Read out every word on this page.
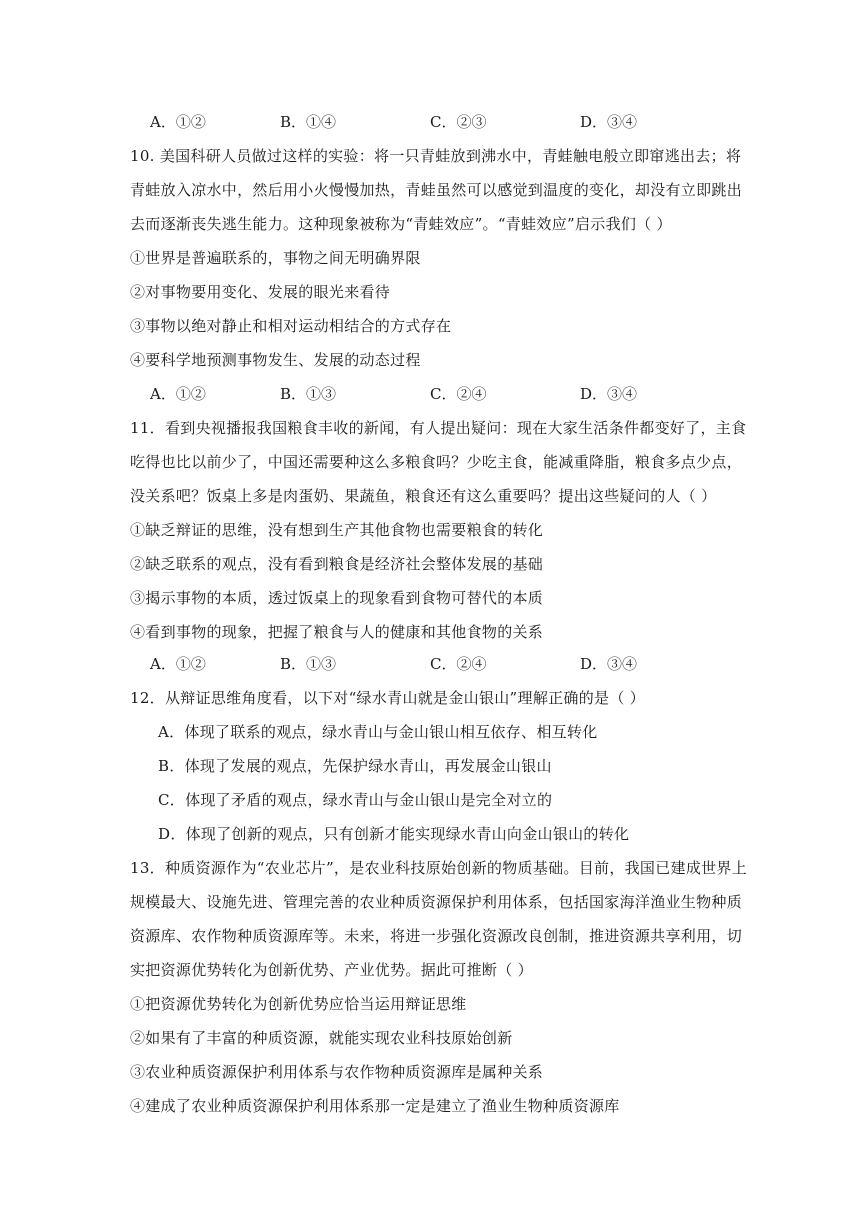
A．①②	B．①④	C．②③	D．③④
10. 美国科研人员做过这样的实验：将一只青蛙放到沸水中，青蛙触电般立即窜逃出去；将
青蛙放入凉水中，然后用小火慢慢加热，青蛙虽然可以感觉到温度的变化，却没有立即跳出
去而逐渐丧失逃生能力。这种现象被称为“青蛙效应”。“青蛙效应”启示我们（ ）
①世界是普遍联系的，事物之间无明确界限
②对事物要用变化、发展的眼光来看待
③事物以绝对静止和相对运动相结合的方式存在
④要科学地预测事物发生、发展的动态过程
A．①②	B．①③	C．②④	D．③④
11．看到央视播报我国粮食丰收的新闻，有人提出疑问：现在大家生活条件都变好了，主食
吃得也比以前少了，中国还需要种这么多粮食吗？少吃主食，能减重降脂，粮食多点少点，
没关系吧？饭桌上多是肉蛋奶、果蔬鱼，粮食还有这么重要吗？提出这些疑问的人（ ）
①缺乏辩证的思维，没有想到生产其他食物也需要粮食的转化
②缺乏联系的观点，没有看到粮食是经济社会整体发展的基础
③揭示事物的本质，透过饭桌上的现象看到食物可替代的本质
④看到事物的现象，把握了粮食与人的健康和其他食物的关系
A．①②	B．①③	C．②④	D．③④
12．从辩证思维角度看，以下对“绿水青山就是金山银山”理解正确的是（ ）
A．体现了联系的观点，绿水青山与金山银山相互依存、相互转化
B．体现了发展的观点，先保护绿水青山，再发展金山银山
C．体现了矛盾的观点，绿水青山与金山银山是完全对立的
D．体现了创新的观点，只有创新才能实现绿水青山向金山银山的转化
13．种质资源作为“农业芯片”，是农业科技原始创新的物质基础。目前，我国已建成世界上
规模最大、设施先进、管理完善的农业种质资源保护利用体系，包括国家海洋渔业生物种质
资源库、农作物种质资源库等。未来，将进一步强化资源改良创制，推进资源共享利用，切
实把资源优势转化为创新优势、产业优势。据此可推断（ ）
①把资源优势转化为创新优势应恰当运用辩证思维
②如果有了丰富的种质资源，就能实现农业科技原始创新
③农业种质资源保护利用体系与农作物种质资源库是属种关系
④建成了农业种质资源保护利用体系那一定是建立了渔业生物种质资源库
